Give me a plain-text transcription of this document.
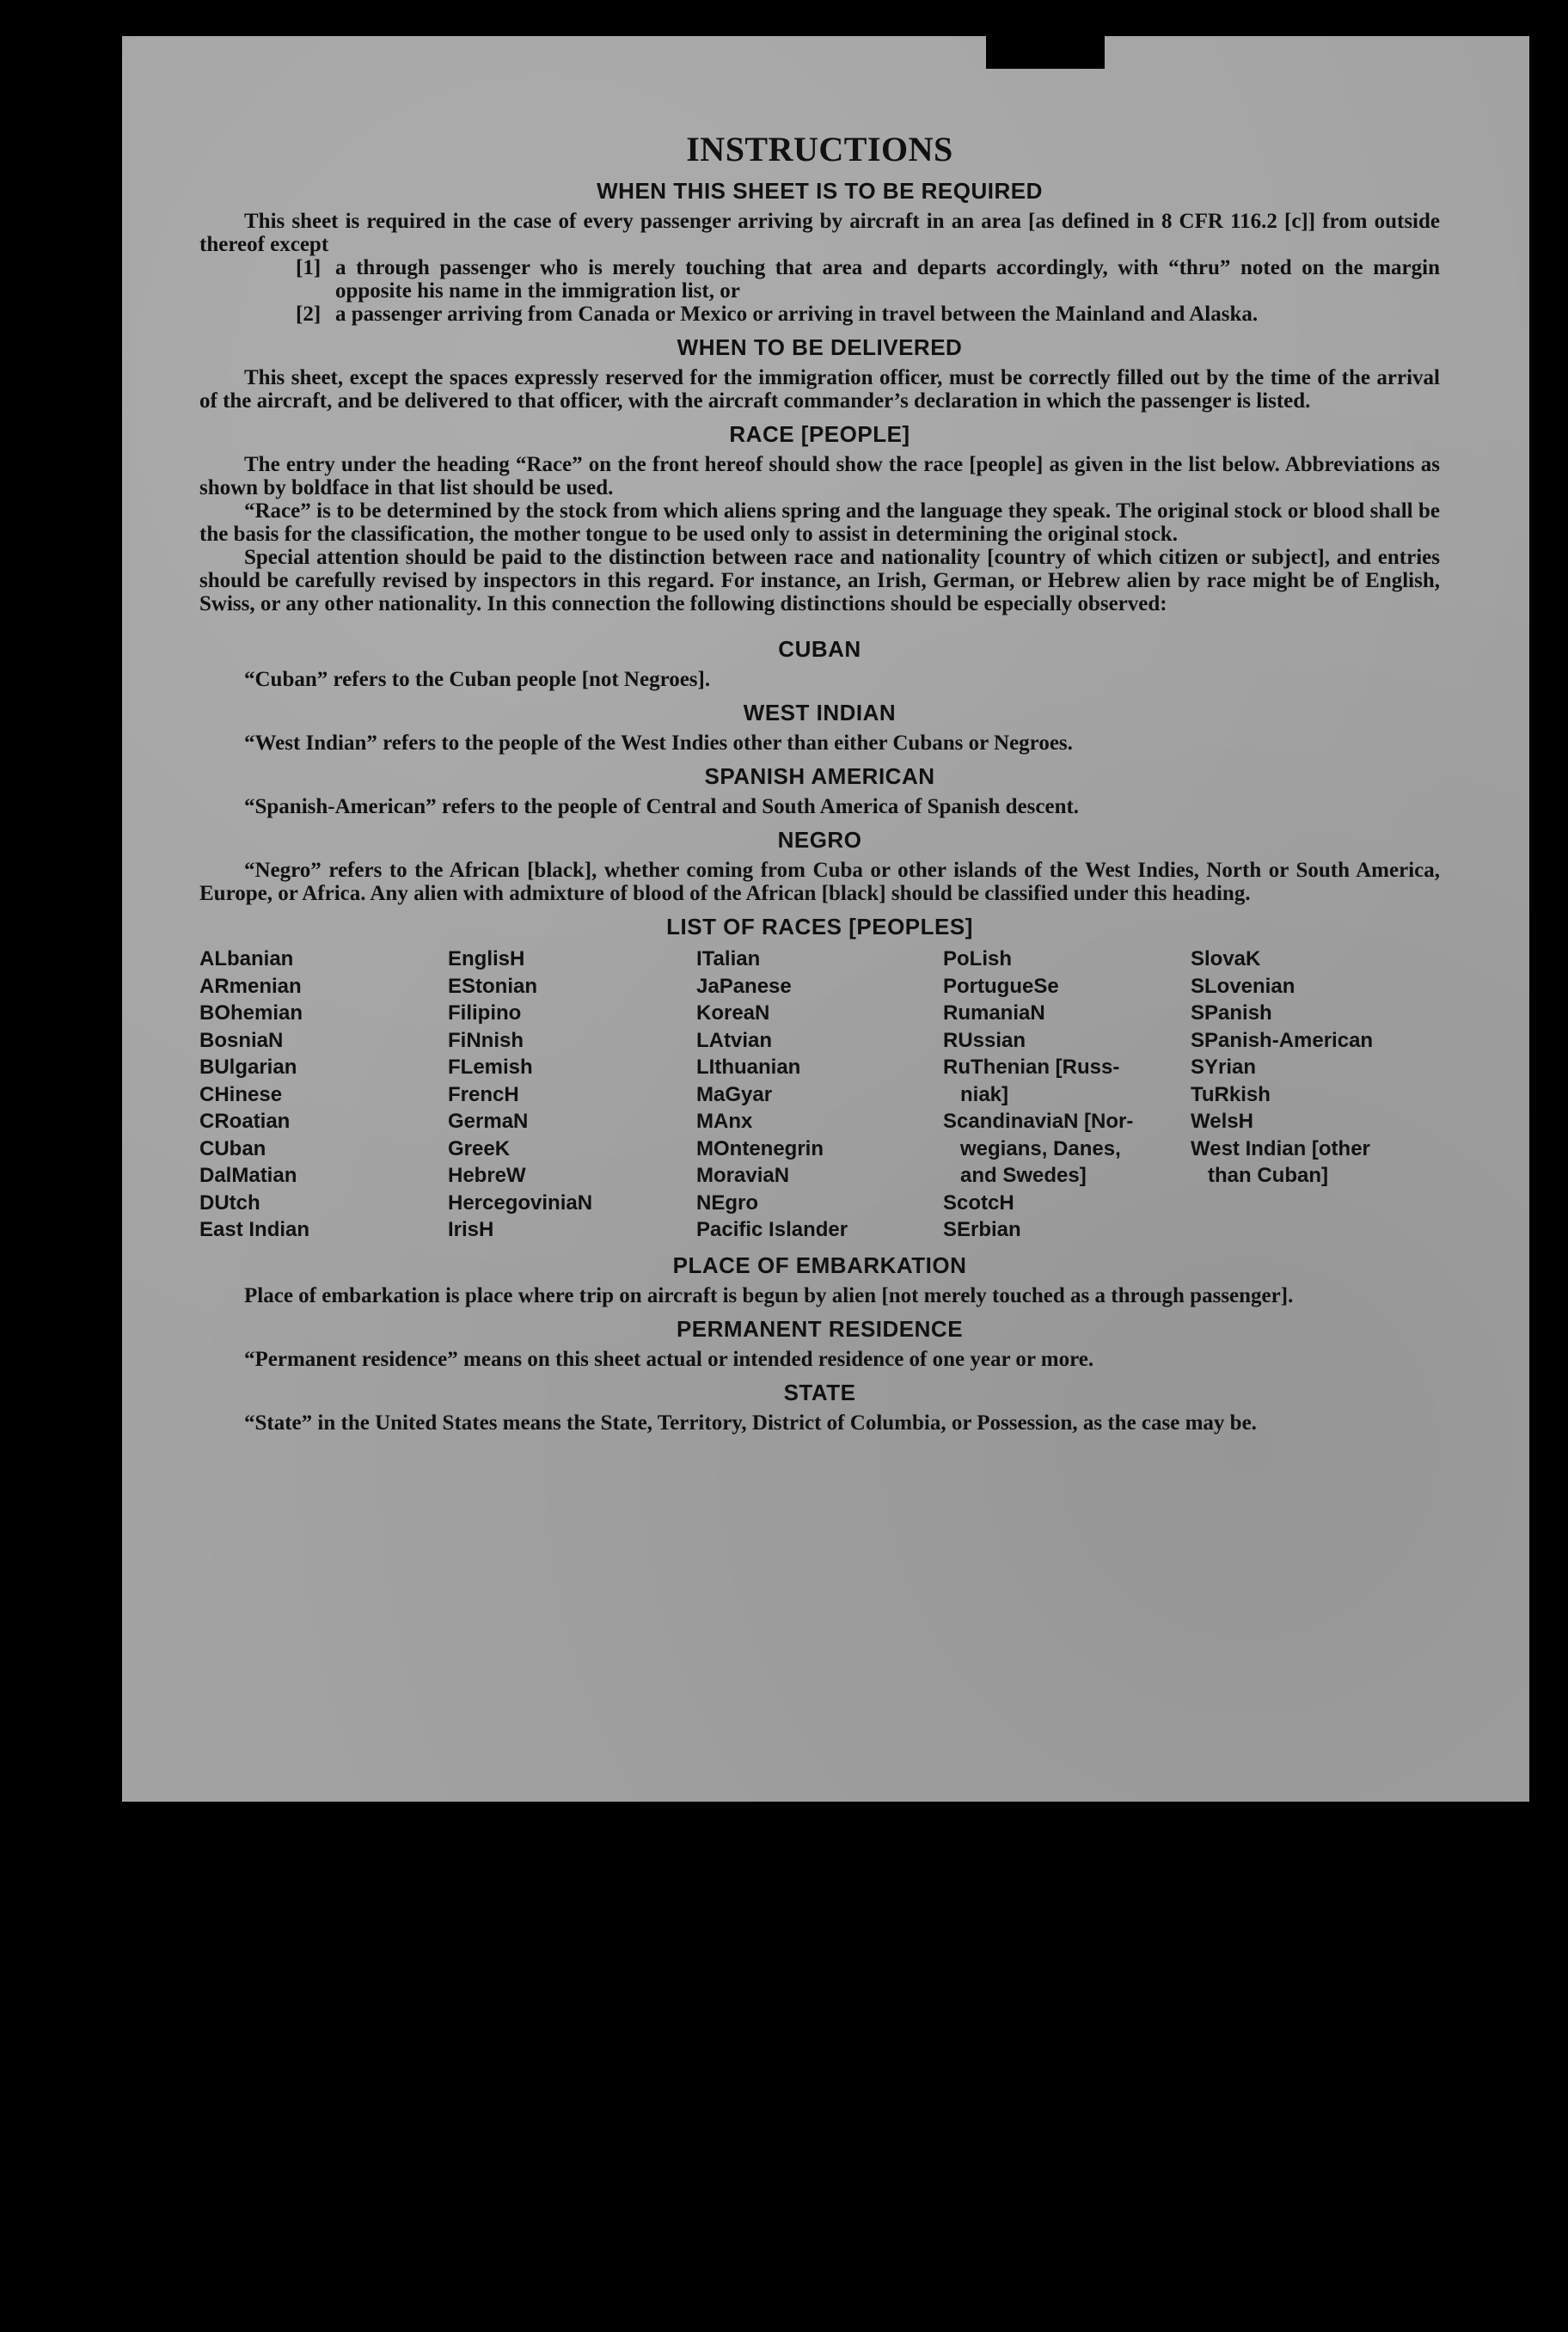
INSTRUCTIONS
WHEN THIS SHEET IS TO BE REQUIRED

This sheet is required in the case of every passenger arriving by aircraft in an area [as defined in 8 CFR 116.2 [c]] from outside thereof except

[1] a through passenger who is merely touching that area and departs accordingly, with “thru” noted on the margin opposite his name in the immigration list, or
[2] a passenger arriving from Canada or Mexico or arriving in travel between the Mainland and Alaska.
WHEN TO BE DELIVERED

This sheet, except the spaces expressly reserved for the immigration officer, must be correctly filled out by the time of the arrival of the aircraft, and be delivered to that officer, with the aircraft commander’s declaration in which the passenger is listed.

RACE [PEOPLE]

The entry under the heading “Race” on the front hereof should show the race [people] as given in the list below. Abbreviations as shown by boldface in that list should be used.

“Race” is to be determined by the stock from which aliens spring and the language they speak. The original stock or blood shall be the basis for the classification, the mother tongue to be used only to assist in determining the original stock.

Special attention should be paid to the distinction between race and nationality [country of which citizen or subject], and entries should be carefully revised by inspectors in this regard. For instance, an Irish, German, or Hebrew alien by race might be of English, Swiss, or any other nationality. In this connection the following distinctions should be especially observed:

CUBAN

“Cuban” refers to the Cuban people [not Negroes].

WEST INDIAN

“West Indian” refers to the people of the West Indies other than either Cubans or Negroes.

SPANISH AMERICAN

“Spanish-American” refers to the people of Central and South America of Spanish descent.

NEGRO

“Negro” refers to the African [black], whether coming from Cuba or other islands of the West Indies, North or South America, Europe, or Africa. Any alien with admixture of blood of the African [black] should be classified under this heading.

LIST OF RACES [PEOPLES]
ALbanian
ARmenian
BOhemian
BosniaN
BUlgarian
CHinese
CRoatian
CUban
DalMatian
DUtch
East Indian
EnglisH
EStonian
Filipino
FiNnish
FLemish
FrencH
GermaN
GreeK
HebreW
HercegoviniaN
IrisH
ITalian
JaPanese
KoreaN
LAtvian
LIthuanian
MaGyar
MAnx
MOntenegrin
MoraviaN
NEgro
Pacific Islander
PoLish
PortugueSe
RumaniaN
RUssian
RuThenian [Russ-
niak]
ScandinaviaN [Nor-
wegians, Danes,
and Swedes]
ScotcH
SErbian
SlovaK
SLovenian
SPanish
SPanish-American
SYrian
TuRkish
WelsH
West Indian [other
than Cuban]
PLACE OF EMBARKATION

Place of embarkation is place where trip on aircraft is begun by alien [not merely touched as a through passenger].

PERMANENT RESIDENCE

“Permanent residence” means on this sheet actual or intended residence of one year or more.

STATE

“State” in the United States means the State, Territory, District of Columbia, or Possession, as the case may be.
